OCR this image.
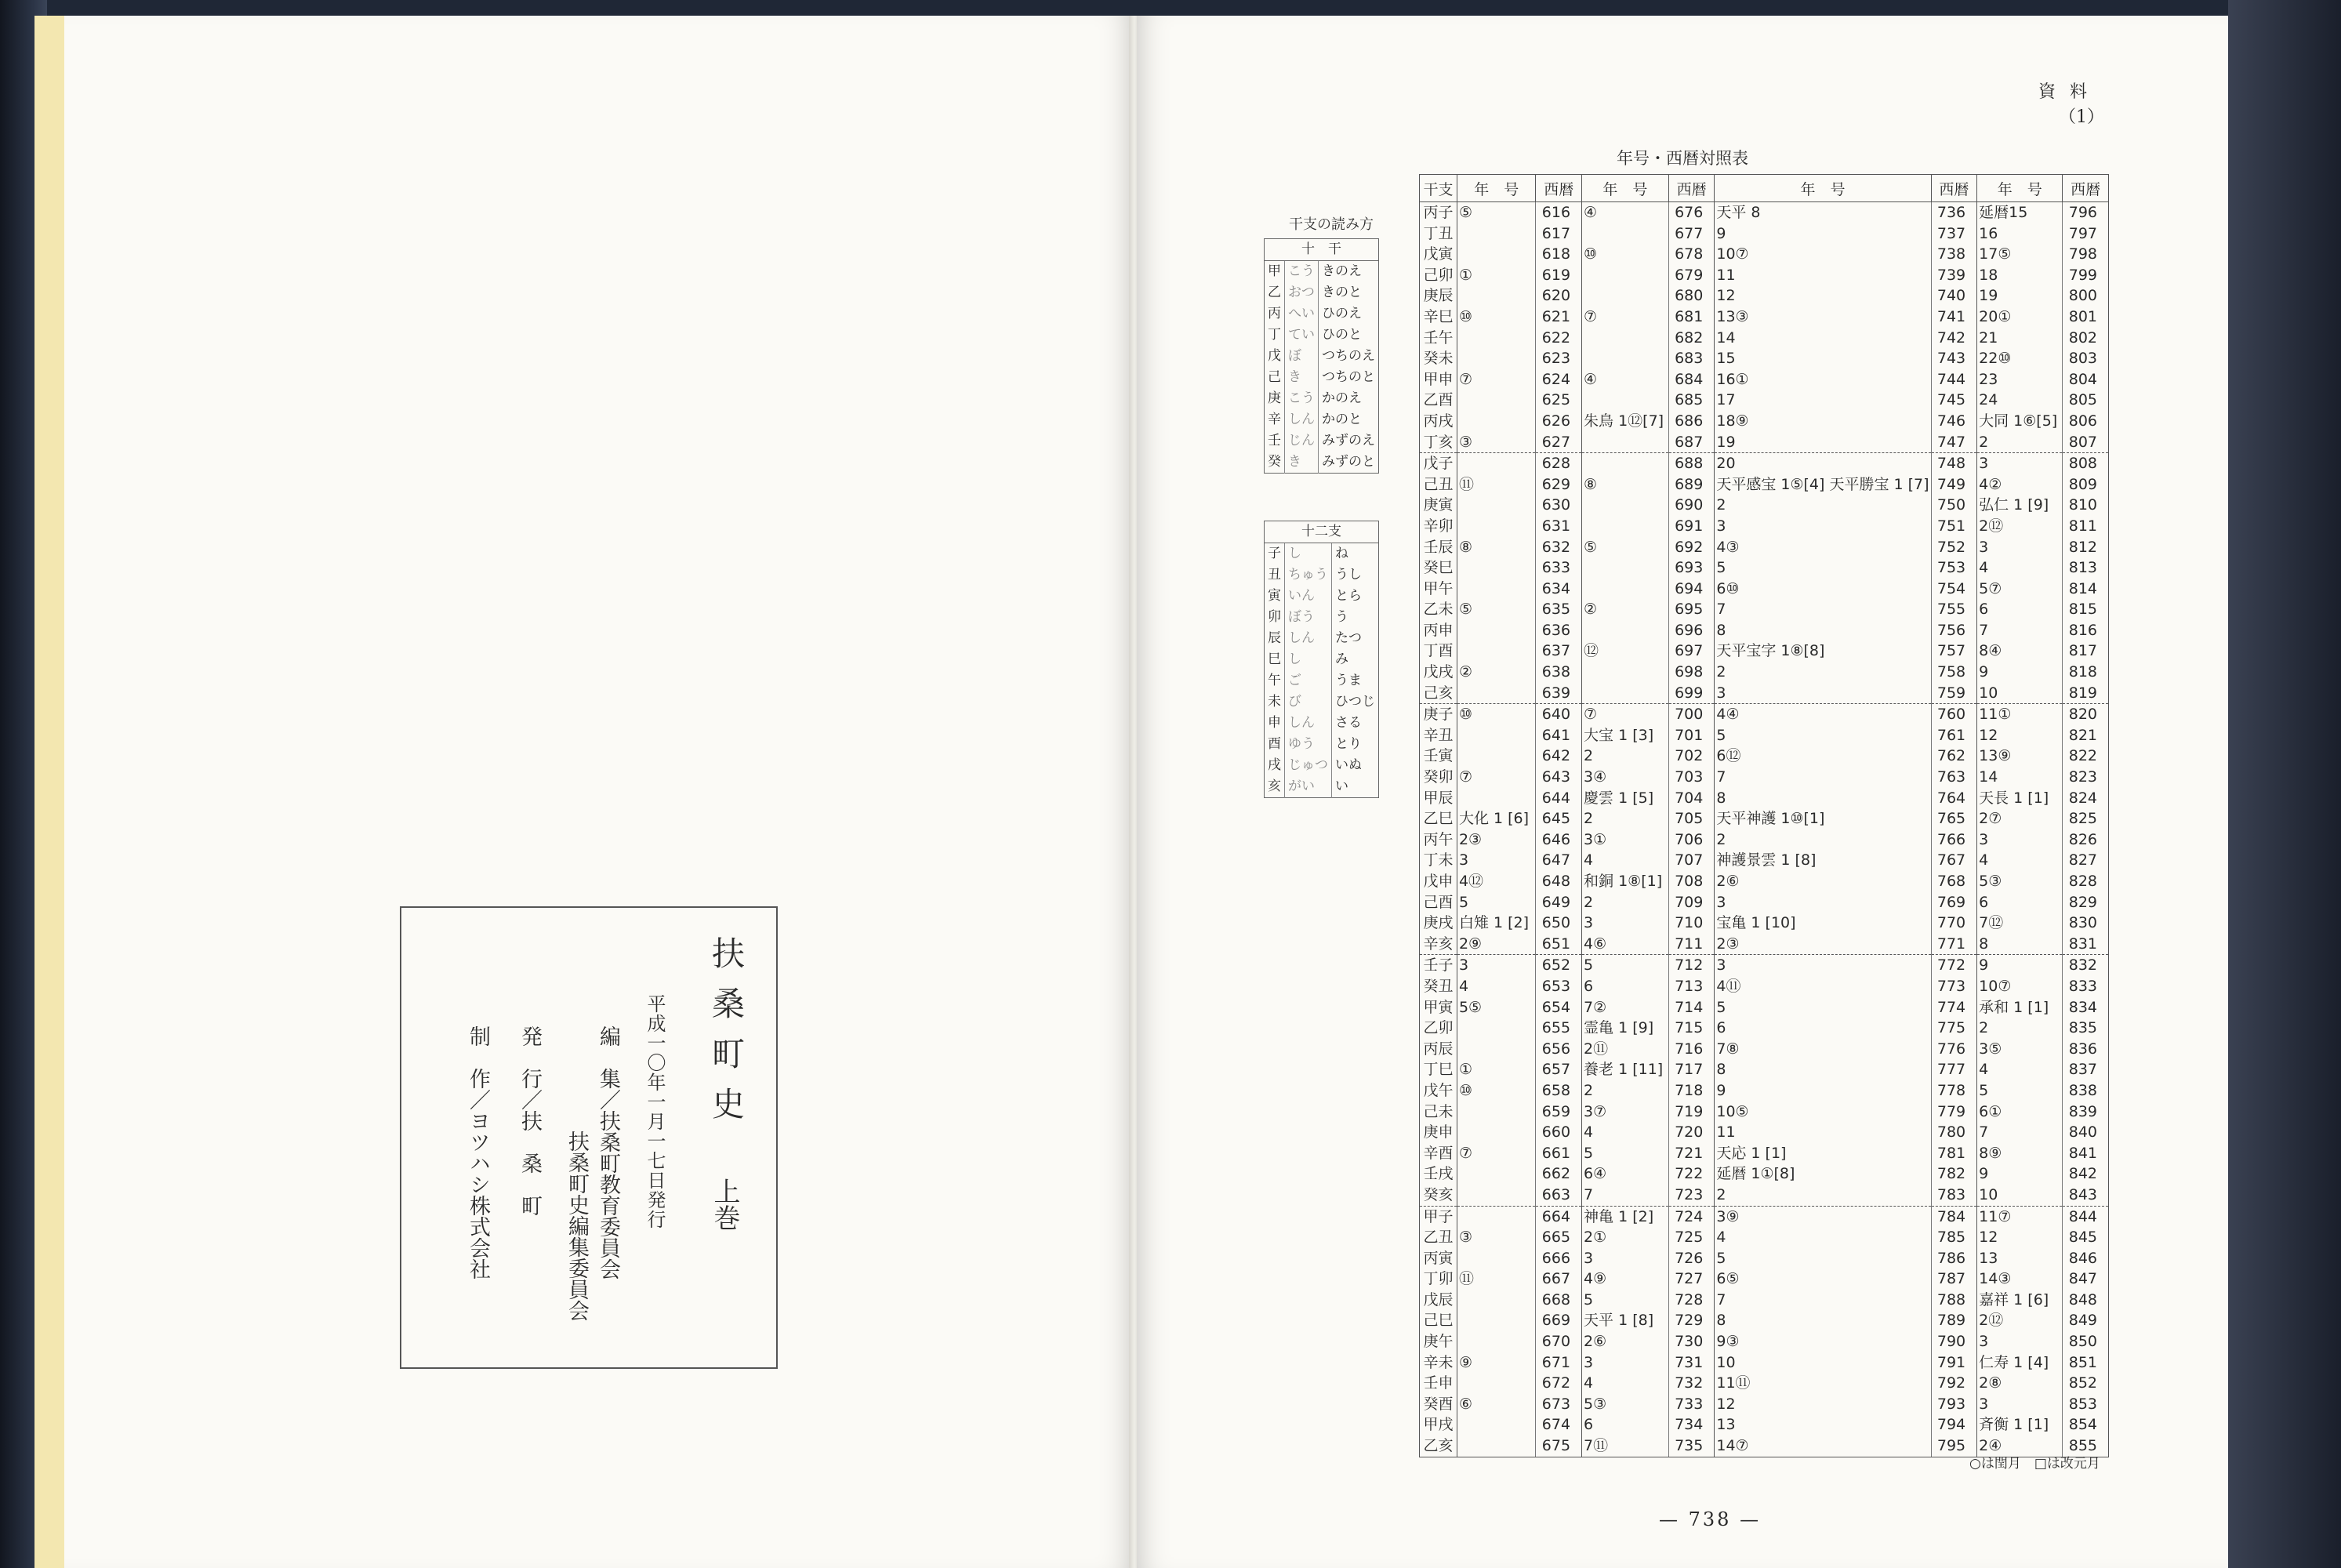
扶桑町史
上巻
平成一〇年一月一七日発行
編　集／扶桑町教育委員会
扶桑町史編集委員会
発　行／扶　桑　町
制　作／ヨツハシ株式会社
資料
（1）
干支の読み方
十　干		
甲	こう	きのえ
乙	おつ	きのと
丙	へい	ひのえ
丁	てい	ひのと
戊	ぼ	つちのえ
己	き	つちのと
庚	こう	かのえ
辛	しん	かのと
壬	じん	みずのえ
癸	き	みずのと
十二支		
子	し	ね
丑	ちゅう	うし
寅	いん	とら
卯	ぼう	う
辰	しん	たつ
巳	し	み
午	ご	うま
未	び	ひつじ
申	しん	さる
酉	ゆう	とり
戌	じゅつ	いぬ
亥	がい	い
年号・西暦対照表
干支	年　号	西暦	年　号	西暦	年　号	西暦	年　号	西暦
丙子	⑤	616	④	676	天平 8	736	延暦15	796
丁丑		617		677	9	737	16	797
戊寅		618	⑩	678	10⑦	738	17⑤	798
己卯	①	619		679	11	739	18	799
庚辰		620		680	12	740	19	800
辛巳	⑩	621	⑦	681	13③	741	20①	801
壬午		622		682	14	742	21	802
癸未		623		683	15	743	22⑩	803
甲申	⑦	624	④	684	16①	744	23	804
乙酉		625		685	17	745	24	805
丙戌		626	朱鳥 1⑫[7]	686	18⑨	746	大同 1⑥[5]	806
丁亥	③	627		687	19	747	2	807
戊子		628		688	20	748	3	808
己丑	⑪	629	⑧	689	天平感宝 1⑤[4] 天平勝宝 1 [7]	749	4②	809
庚寅		630		690	2	750	弘仁 1 [9]	810
辛卯		631		691	3	751	2⑫	811
壬辰	⑧	632	⑤	692	4③	752	3	812
癸巳		633		693	5	753	4	813
甲午		634		694	6⑩	754	5⑦	814
乙未	⑤	635	②	695	7	755	6	815
丙申		636		696	8	756	7	816
丁酉		637	⑫	697	天平宝字 1⑧[8]	757	8④	817
戊戌	②	638		698	2	758	9	818
己亥		639		699	3	759	10	819
庚子	⑩	640	⑦	700	4④	760	11①	820
辛丑		641	大宝 1 [3]	701	5	761	12	821
壬寅		642	2	702	6⑫	762	13⑨	822
癸卯	⑦	643	3④	703	7	763	14	823
甲辰		644	慶雲 1 [5]	704	8	764	天長 1 [1]	824
乙巳	大化 1 [6]	645	2	705	天平神護 1⑩[1]	765	2⑦	825
丙午	2③	646	3①	706	2	766	3	826
丁未	3	647	4	707	神護景雲 1 [8]	767	4	827
戊申	4⑫	648	和銅 1⑧[1]	708	2⑥	768	5③	828
己酉	5	649	2	709	3	769	6	829
庚戌	白雉 1 [2]	650	3	710	宝亀 1 [10]	770	7⑫	830
辛亥	2⑨	651	4⑥	711	2③	771	8	831
壬子	3	652	5	712	3	772	9	832
癸丑	4	653	6	713	4⑪	773	10⑦	833
甲寅	5⑤	654	7②	714	5	774	承和 1 [1]	834
乙卯		655	霊亀 1 [9]	715	6	775	2	835
丙辰		656	2⑪	716	7⑧	776	3⑤	836
丁巳	①	657	養老 1 [11]	717	8	777	4	837
戊午	⑩	658	2	718	9	778	5	838
己未		659	3⑦	719	10⑤	779	6①	839
庚申		660	4	720	11	780	7	840
辛酉	⑦	661	5	721	天応 1 [1]	781	8⑨	841
壬戌		662	6④	722	延暦 1①[8]	782	9	842
癸亥		663	7	723	2	783	10	843
甲子		664	神亀 1 [2]	724	3⑨	784	11⑦	844
乙丑	③	665	2①	725	4	785	12	845
丙寅		666	3	726	5	786	13	846
丁卯	⑪	667	4⑨	727	6⑤	787	14③	847
戊辰		668	5	728	7	788	嘉祥 1 [6]	848
己巳		669	天平 1 [8]	729	8	789	2⑫	849
庚午		670	2⑥	730	9③	790	3	850
辛未	⑨	671	3	731	10	791	仁寿 1 [4]	851
壬申		672	4	732	11⑪	792	2⑧	852
癸酉	⑥	673	5③	733	12	793	3	853
甲戌		674	6	734	13	794	斉衡 1 [1]	854
乙亥		675	7⑪	735	14⑦	795	2④	855
○は閏月　□は改元月
— 738 —
